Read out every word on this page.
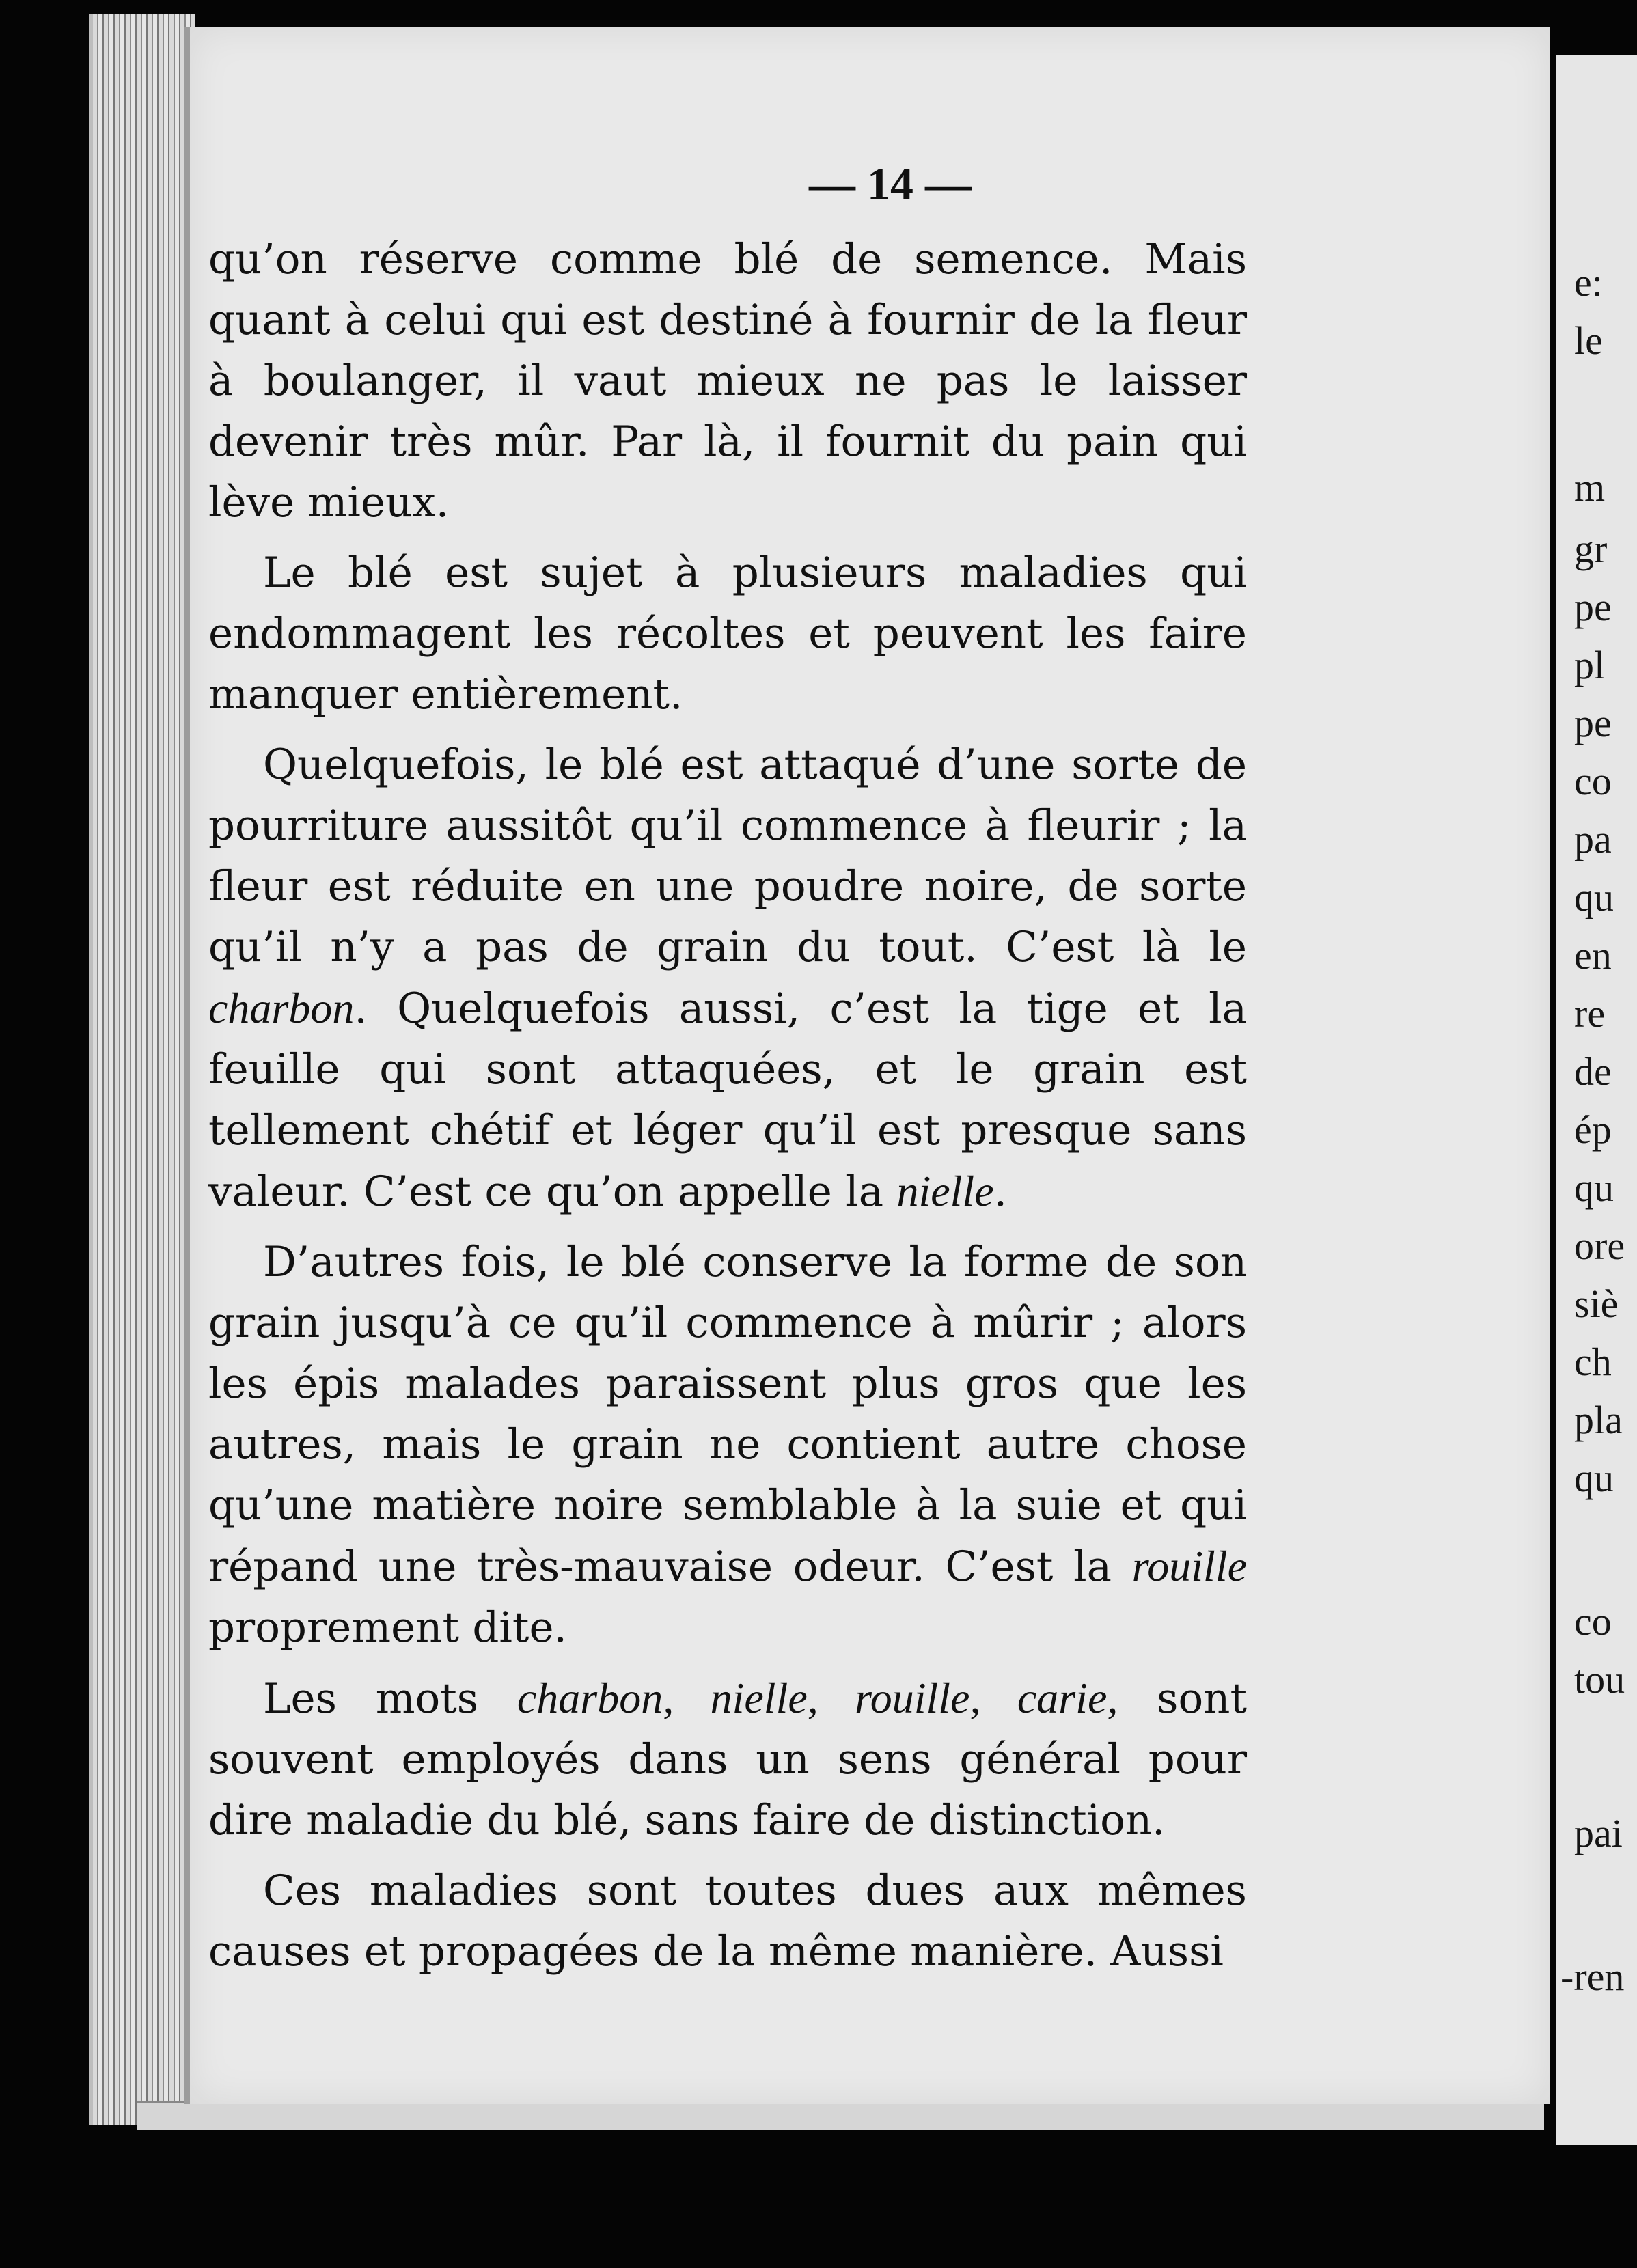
— 14 —

qu’on réserve comme blé de semence. Mais quant à celui qui est destiné à fournir de la fleur à boulanger, il vaut mieux ne pas le laisser devenir très mûr. Par là, il fournit du pain qui lève mieux.

Le blé est sujet à plusieurs maladies qui endommagent les récoltes et peuvent les faire manquer entièrement.

Quelquefois, le blé est attaqué d’une sorte de pourriture aussitôt qu’il commence à fleurir ; la fleur est réduite en une poudre noire, de sorte qu’il n’y a pas de grain du tout. C’est là le charbon. Quelquefois aussi, c’est la tige et la feuille qui sont attaquées, et le grain est tellement chétif et léger qu’il est presque sans valeur. C’est ce qu’on appelle la nielle.

D’autres fois, le blé conserve la forme de son grain jusqu’à ce qu’il commence à mûrir ; alors les épis malades paraissent plus gros que les autres, mais le grain ne contient autre chose qu’une matière noire semblable à la suie et qui répand une très-mauvaise odeur. C’est la rouille proprement dite.

Les mots charbon, nielle, rouille, carie, sont souvent employés dans un sens général pour dire maladie du blé, sans faire de distinction.

Ces maladies sont toutes dues aux mêmes causes et propagées de la même manière. Aussi

e:
le
m
gr
pe
pl
pe
co
pa
qu
en
re
de
ép
qu
ore
siè
ch
pla
qu
co
tou
pai
-ren
